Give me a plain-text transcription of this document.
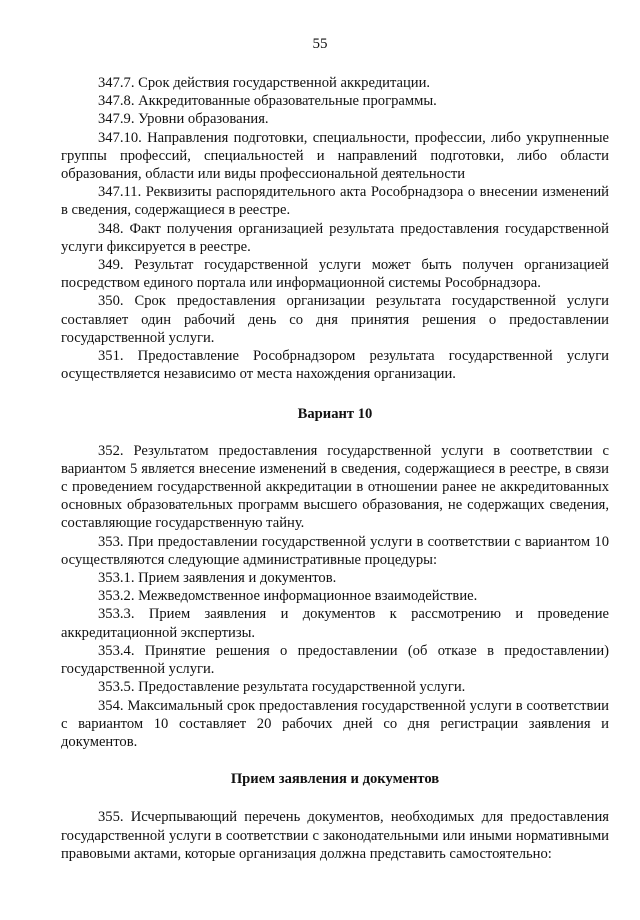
55

347.7. Срок действия государственной аккредитации.

347.8. Аккредитованные образовательные программы.

347.9. Уровни образования.

347.10. Направления подготовки, специальности, профессии, либо укрупненные группы профессий, специальностей и направлений подготовки, либо области образования, области или виды профессиональной деятельности

347.11. Реквизиты распорядительного акта Рособрнадзора о внесении изменений в сведения, содержащиеся в реестре.

348. Факт получения организацией результата предоставления государственной услуги фиксируется в реестре.

349. Результат государственной услуги может быть получен организацией посредством единого портала или информационной системы Рособрнадзора.

350. Срок предоставления организации результата государственной услуги составляет один рабочий день со дня принятия решения о предоставлении государственной услуги.

351. Предоставление Рособрнадзором результата государственной услуги осуществляется независимо от места нахождения организации.

Вариант 10

352. Результатом предоставления государственной услуги в соответствии с вариантом 5 является внесение изменений в сведения, содержащиеся в реестре, в связи с проведением государственной аккредитации в отношении ранее не аккредитованных основных образовательных программ высшего образования, не содержащих сведения, составляющие государственную тайну.

353. При предоставлении государственной услуги в соответствии с вариантом 10 осуществляются следующие административные процедуры:

353.1. Прием заявления и документов.

353.2. Межведомственное информационное взаимодействие.

353.3. Прием заявления и документов к рассмотрению и проведение аккредитационной экспертизы.

353.4. Принятие решения о предоставлении (об отказе в предоставлении) государственной услуги.

353.5. Предоставление результата государственной услуги.

354. Максимальный срок предоставления государственной услуги в соответствии с вариантом 10 составляет 20 рабочих дней со дня регистрации заявления и документов.

Прием заявления и документов

355. Исчерпывающий перечень документов, необходимых для предоставления государственной услуги в соответствии с законодательными или иными нормативными правовыми актами, которые организация должна представить самостоятельно:
